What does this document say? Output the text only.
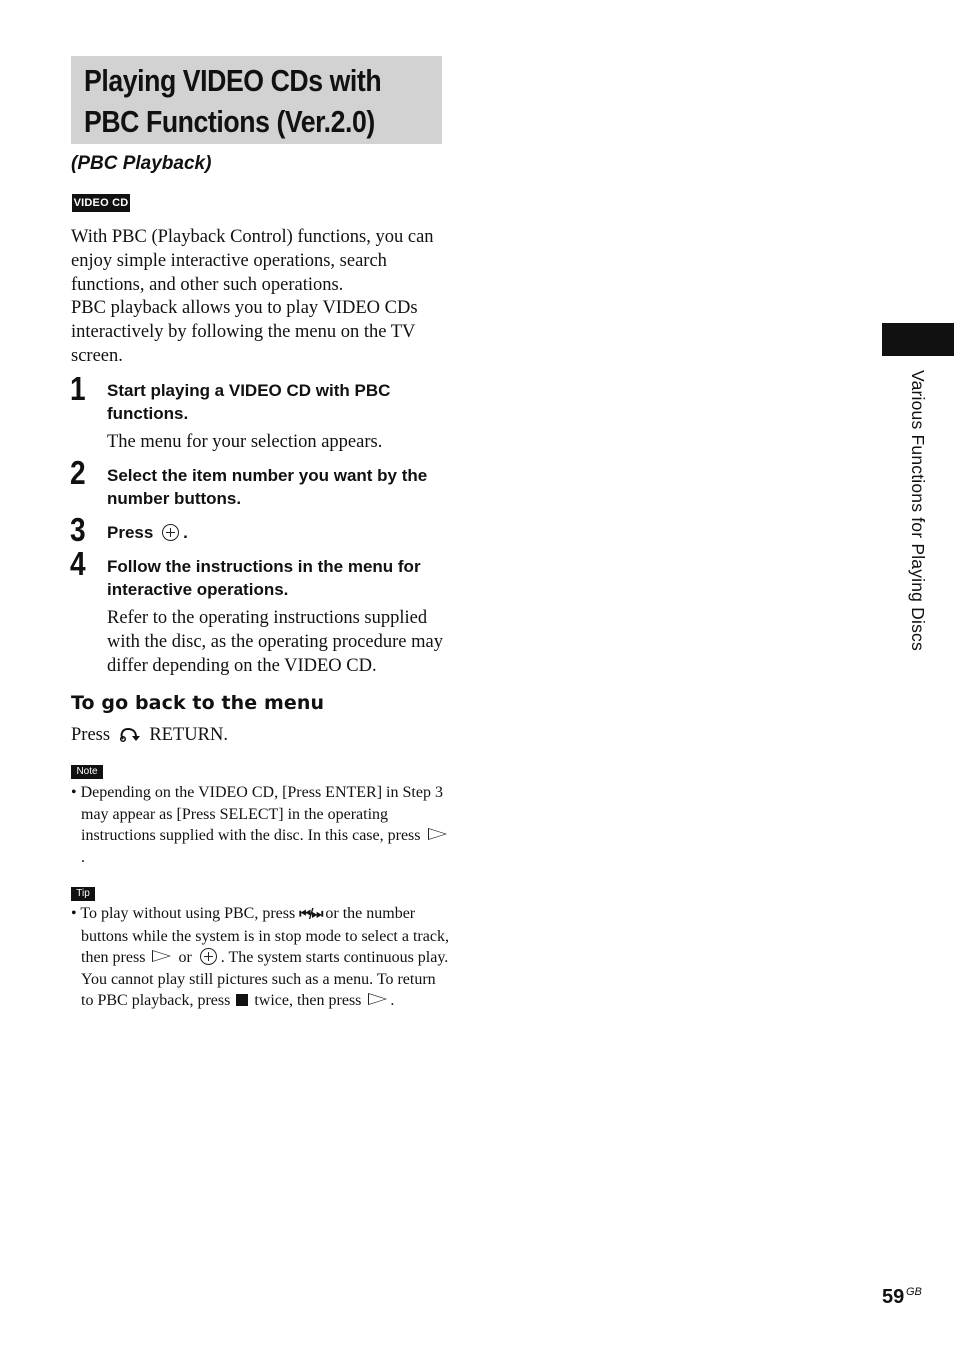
Playing VIDEO CDs with
PBC Functions (Ver.2.0)
(PBC Playback)
VIDEO CD

With PBC (Playback Control) functions, you can enjoy simple interactive operations, search functions, and other such operations.

PBC playback allows you to play VIDEO CDs interactively by following the menu on the TV screen.

1 Start playing a VIDEO CD with PBC functions.
The menu for your selection appears.
2 Select the item number you want by the number buttons.
3 Press .
4 Follow the instructions in the menu for interactive operations.
Refer to the operating instructions supplied with the disc, as the operating procedure may differ depending on the VIDEO CD.
To go back to the menu
Press RETURN.
Note
• Depending on the VIDEO CD, [Press ENTER] in Step 3 may appear as [Press SELECT] in the operating instructions supplied with the disc. In this case, press .
Tip
• To play without using PBC, press ⏮/⏭ or the number buttons while the system is in stop mode to select a track, then press or . The system starts continuous play. You cannot play still pictures such as a menu. To return to PBC playback, press twice, then press .
Various Functions for Playing Discs
59 GB
